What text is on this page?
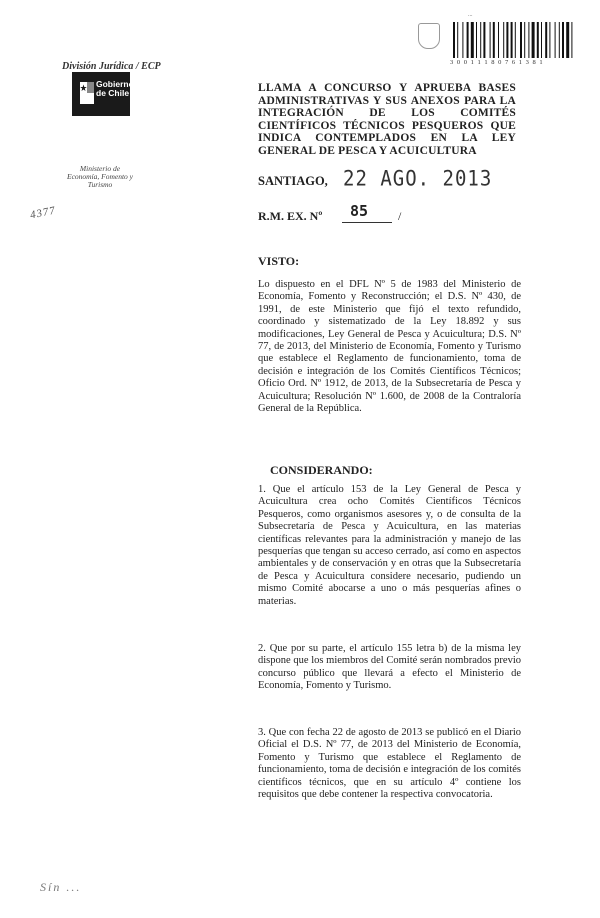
División Jurídica / ECP
Gobierno
de Chile
Ministerio de Economía, Fomento y Turismo
4377
Sín ...
...
3 0 0 1 1 1 8 0 7 6 1 3 8 1
LLAMA A CONCURSO Y APRUEBA BASES
ADMINISTRATIVAS Y SUS ANEXOS PARA LA
INTEGRACIÓN DE LOS COMITÉS
CIENTÍFICOS TÉCNICOS PESQUEROS QUE
INDICA CONTEMPLADOS EN LA LEY
GENERAL DE PESCA Y ACUICULTURA
SANTIAGO, 22 AGO. 2013
R.M. EX. Nº 85 /
VISTO:
Lo dispuesto en el DFL Nº 5 de 1983 del Ministerio de Economía, Fomento y Reconstrucción; el D.S. Nº 430, de 1991, de este Ministerio que fijó el texto refundido, coordinado y sistematizado de la Ley 18.892 y sus modificaciones, Ley General de Pesca y Acuicultura; D.S. Nº 77, de 2013, del Ministerio de Economía, Fomento y Turismo que establece el Reglamento de funcionamiento, toma de decisión e integración de los Comités Científicos Técnicos; Oficio Ord. Nº 1912, de 2013, de la Subsecretaría de Pesca y Acuicultura; Resolución Nº 1.600, de 2008 de la Contraloría General de la República.
CONSIDERANDO:
1. Que el artículo 153 de la Ley General de Pesca y Acuicultura crea ocho Comités Científicos Técnicos Pesqueros, como organismos asesores y, o de consulta de la Subsecretaría de Pesca y Acuicultura, en las materias científicas relevantes para la administración y manejo de las pesquerías que tengan su acceso cerrado, así como en aspectos ambientales y de conservación y en otras que la Subsecretaría de Pesca y Acuicultura considere necesario, pudiendo un mismo Comité abocarse a uno o más pesquerías afines o materias.
2. Que por su parte, el artículo 155 letra b) de la misma ley dispone que los miembros del Comité serán nombrados previo concurso público que llevará a efecto el Ministerio de Economía, Fomento y Turismo.
3. Que con fecha 22 de agosto de 2013 se publicó en el Diario Oficial el D.S. Nº 77, de 2013 del Ministerio de Economía, Fomento y Turismo que establece el Reglamento de funcionamiento, toma de decisión e integración de los comités científicos técnicos, que en su artículo 4º contiene los requisitos que debe contener la respectiva convocatoria.
